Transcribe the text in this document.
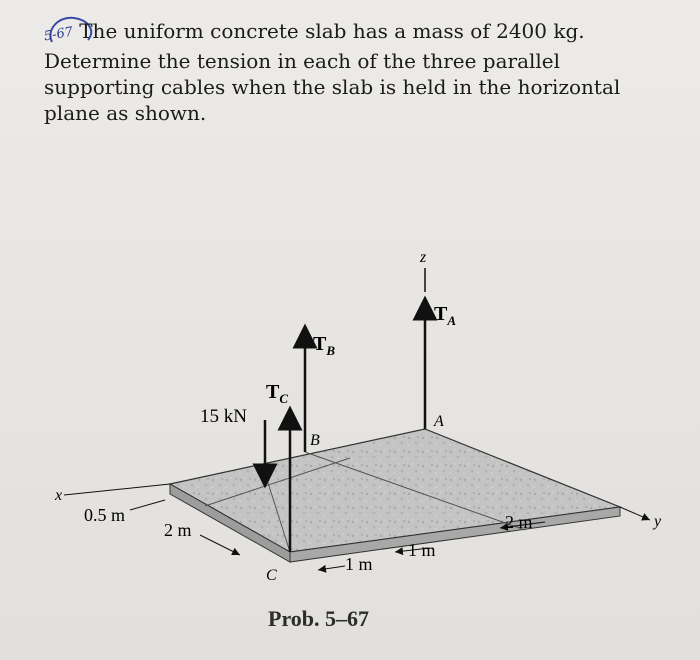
5-67 The uniform concrete slab has a mass of 2400 kg.

Determine the tension in each of the three parallel

supporting cables when the slab is held in the horizontal

plane as shown.

z
x
y
$T_A$
$T_B$
$T_C$
15 kN	A
B
C
0.5 m
2 m	2 m
1 m
1 m
Prob. 5–67
